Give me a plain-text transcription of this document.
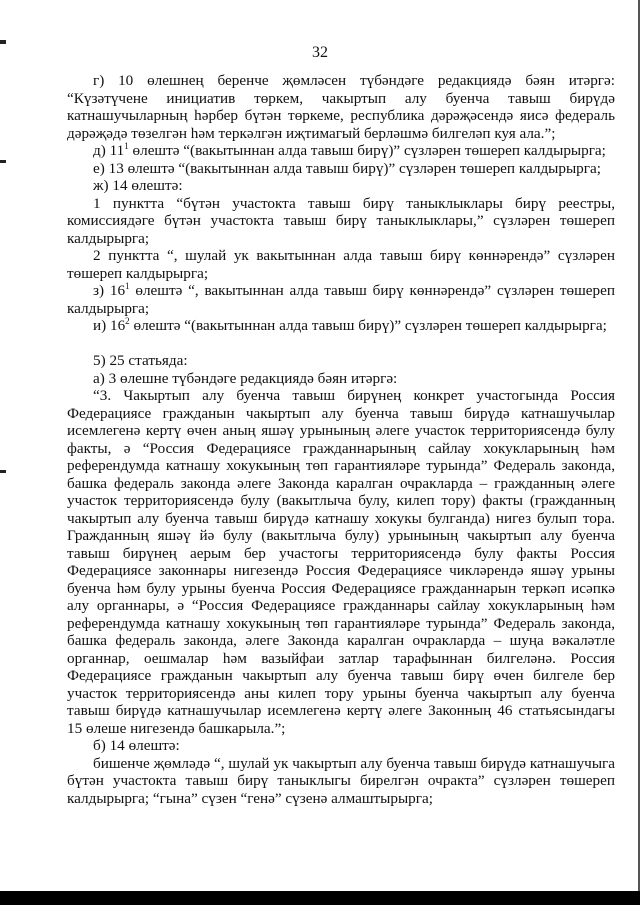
32

г) 10 өлешнең беренче җөмләсен түбәндәге редакциядә бәян итәргә: “Күзәтүчене инициатив төркем, чакыртып алу буенча тавыш бирүдә катнашучыларның һәрбер бүтән төркеме, республика дәрәҗәсендә яисә федераль дәрәҗәдә төзелгән һәм теркәлгән иҗтимагый берләшмә билгеләп куя ала.”;

д) $11^1$ өлештә “(вакытыннан алда тавыш бирү)” сүзләрен төшереп калдырырга;

е) 13 өлештә “(вакытыннан алда тавыш бирү)” сүзләрен төшереп калдырырга;

ж) 14 өлештә:

1 пунктта “бүтән участокта тавыш бирү таныклыклары бирү реестры, комиссиядәге бүтән участокта тавыш бирү таныклыклары,” сүзләрен төшереп калдырырга;

2 пунктта “, шулай ук вакытыннан алда тавыш бирү көннәрендә” сүзләрен төшереп калдырырга;

з) $16^1$ өлештә “, вакытыннан алда тавыш бирү көннәрендә” сүзләрен төшереп калдырырга;

и) $16^2$ өлештә “(вакытыннан алда тавыш бирү)” сүзләрен төшереп калдырырга;

5) 25 статьяда:

а) 3 өлешне түбәндәге редакциядә бәян итәргә:

“3. Чакыртып алу буенча тавыш бирүнең конкрет участогында Россия Федерациясе гражданын чакыртып алу буенча тавыш бирүдә катнашучылар исемлегенә кертү өчен аның яшәү урынының әлеге участок территориясендә булу факты, ә “Россия Федерациясе гражданнарының сайлау хокукларының һәм референдумда катнашу хокукының төп гарантияләре турында” Федераль законда, башка федераль законда әлеге Законда каралган очракларда – гражданның әлеге участок территориясендә булу (вакытлыча булу, килеп тору) факты (гражданның чакыртып алу буенча тавыш бирүдә катнашу хокукы булганда) нигез булып тора. Гражданның яшәү йә булу (вакытлыча булу) урынының чакыртып алу буенча тавыш бирүнең аерым бер участогы территориясендә булу факты Россия Федерациясе законнары нигезендә Россия Федерациясе чикләрендә яшәү урыны буенча һәм булу урыны буенча Россия Федерациясе гражданнарын теркәп исәпкә алу органнары, ә “Россия Федерациясе гражданнары сайлау хокукларының һәм референдумда катнашу хокукының төп гарантияләре турында” Федераль законда, башка федераль законда, әлеге Законда каралган очракларда – шуңа вәкаләтле органнар, оешмалар һәм вазыйфаи затлар тарафыннан билгеләнә. Россия Федерациясе гражданын чакыртып алу буенча тавыш бирү өчен билгеле бер участок территориясендә аны килеп тору урыны буенча чакыртып алу буенча тавыш бирүдә катнашучылар исемлегенә кертү әлеге Законның 46 статьясындагы 15 өлеше нигезендә башкарыла.”;

б) 14 өлештә:

бишенче җөмләдә “, шулай ук чакыртып алу буенча тавыш бирүдә катнашучыга бүтән участокта тавыш бирү таныклыгы бирелгән очракта” сүзләрен төшереп калдырырга; “гына” сүзен “генә” сүзенә алмаштырырга;
